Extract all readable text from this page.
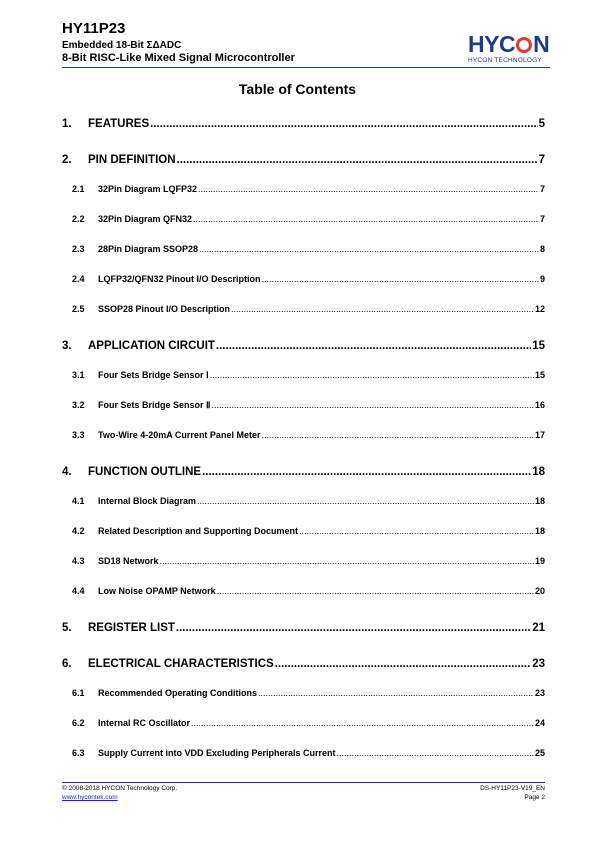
HY11P23
Embedded 18-Bit ΣΔADC
8-Bit RISC-Like Mixed Signal Microcontroller
HYC N
HYCON TECHNOLOGY
Table of Contents
1.	FEATURES .....	5
2.	PIN DEFINITION .....	7
2.1	32Pin Diagram LQFP32 .....	7
2.2	32Pin Diagram QFN32 .....	7
2.3	28Pin Diagram SSOP28 .....	8
2.4	LQFP32/QFN32 Pinout I/O Description .....	9
2.5	SSOP28 Pinout I/O Description .....	12
3.	APPLICATION CIRCUIT .....	15
3.1	Four Sets Bridge Sensor Ⅰ .....	15
3.2	Four Sets Bridge Sensor Ⅱ .....	16
3.3	Two-Wire 4-20mA Current Panel Meter .....	17
4.	FUNCTION OUTLINE .....	18
4.1	Internal Block Diagram .....	18
4.2	Related Description and Supporting Document .....	18
4.3	SD18 Network .....	19
4.4	Low Noise OPAMP Network .....	20
5.	REGISTER LIST .....	21
6.	ELECTRICAL CHARACTERISTICS .....	23
6.1	Recommended Operating Conditions .....	23
6.2	Internal RC Oscillator .....	24
6.3	Supply Current into VDD Excluding Peripherals Current .....	25
© 2008-2018 HYCON Technology Corp.
www.hycontek.com
DS-HY11P23-V19_EN
Page 2
